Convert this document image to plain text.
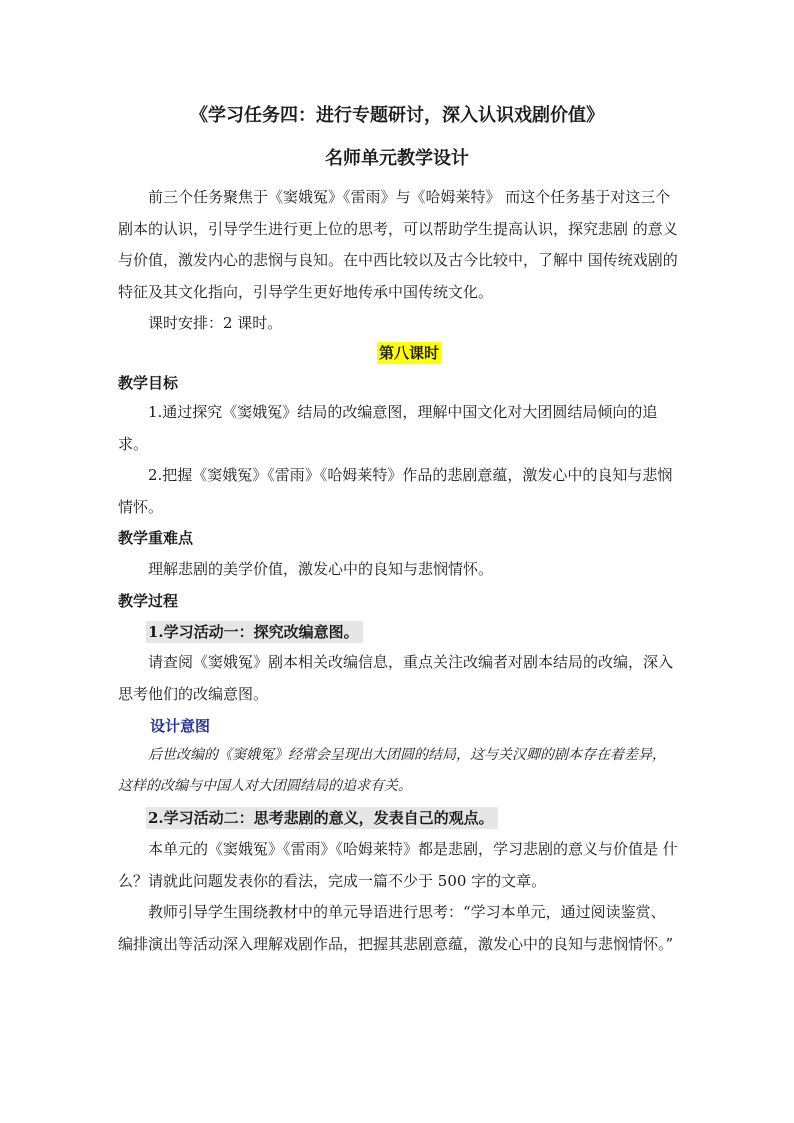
《学习任务四：进行专题研讨，深入认识戏剧价值》
名师单元教学设计

前三个任务聚焦于《窦娥冤》《雷雨》与《哈姆莱特》 而这个任务基于对这三个剧本的认识，引导学生进行更上位的思考，可以帮助学生提高认识，探究悲剧 的意义与价值，激发内心的悲悯与良知。在中西比较以及古今比较中，了解中 国传统戏剧的特征及其文化指向，引导学生更好地传承中国传统文化。

课时安排：2 课时。

第八课时
教学目标

1.通过探究《窦娥冤》结局的改编意图，理解中国文化对大团圆结局倾向的追求。

2.把握《窦娥冤》《雷雨》《哈姆莱特》作品的悲剧意蕴，激发心中的良知与悲悯情怀。

教学重难点

理解悲剧的美学价值，激发心中的良知与悲悯情怀。

教学过程
1.学习活动一：探究改编意图。

请查阅《窦娥冤》剧本相关改编信息，重点关注改编者对剧本结局的改编，深入思考他们的改编意图。

设计意图

后世改编的《窦娥冤》经常会呈现出大团圆的结局，这与关汉卿的剧本存在着差异，这样的改编与中国人对大团圆结局的追求有关。

2.学习活动二：思考悲剧的意义，发表自己的观点。

本单元的《窦娥冤》《雷雨》《哈姆莱特》都是悲剧，学习悲剧的意义与价值是 什么？请就此问题发表你的看法，完成一篇不少于 500 字的文章。

教师引导学生围绕教材中的单元导语进行思考：“学习本单元，通过阅读鉴赏、编排演出等活动深入理解戏剧作品，把握其悲剧意蕴，激发心中的良知与悲悯情怀。”
